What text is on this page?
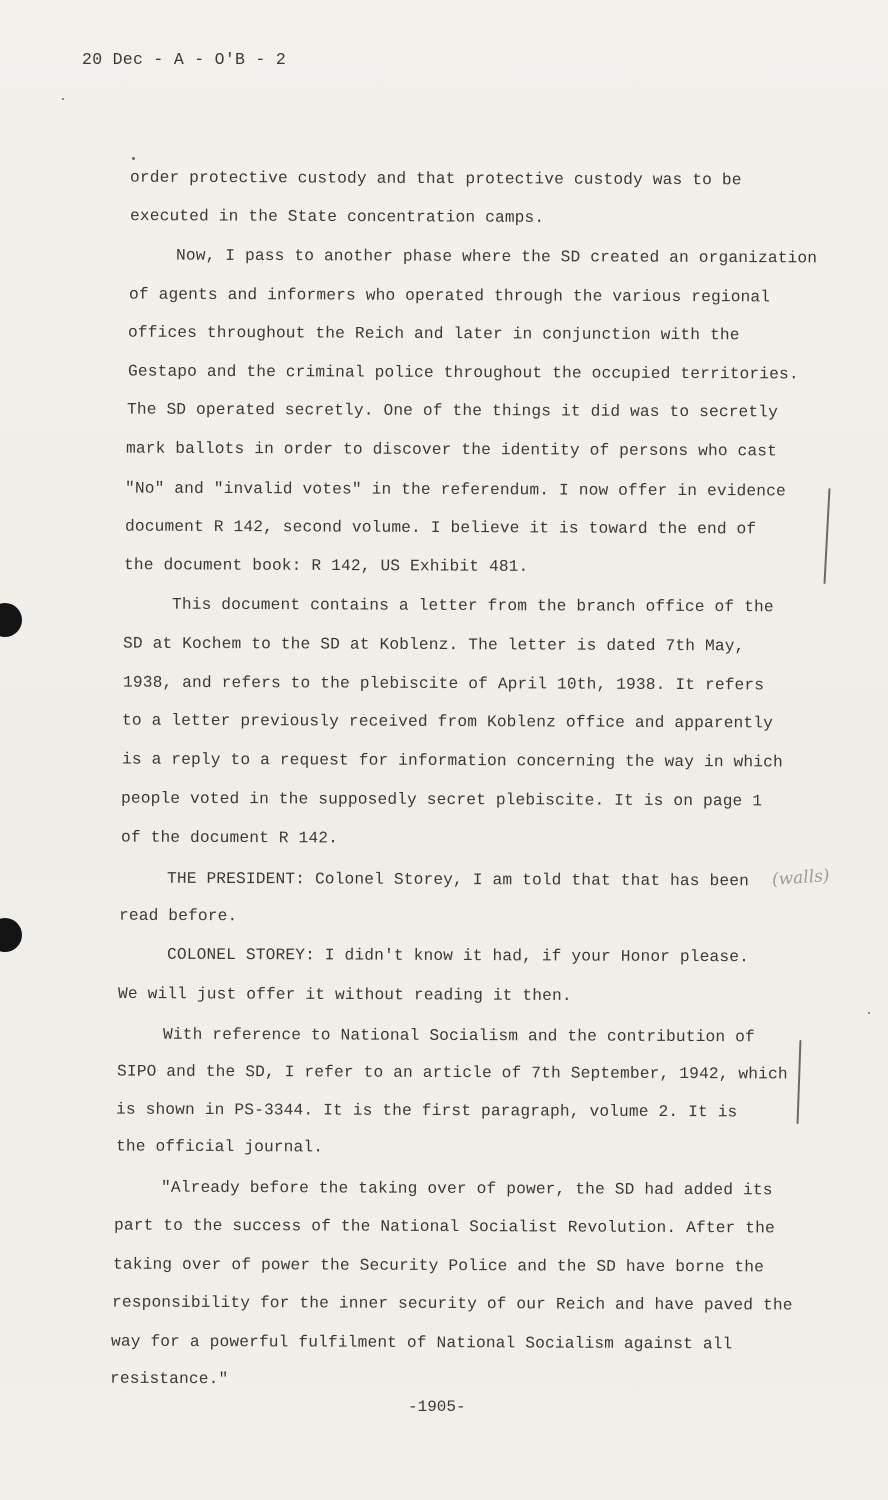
20 Dec - A - O'B - 2
order protective custody and that protective custody was to be
executed in the State concentration camps.
Now, I pass to another phase where the SD created an organization
of agents and informers who operated through the various regional
offices throughout the Reich and later in conjunction with the
Gestapo and the criminal police throughout the occupied territories.
The SD operated secretly. One of the things it did was to secretly
mark ballots in order to discover the identity of persons who cast
"No" and "invalid votes" in the referendum. I now offer in evidence
document R 142, second volume. I believe it is toward the end of
the document book: R 142, US Exhibit 481.
This document contains a letter from the branch office of the
SD at Kochem to the SD at Koblenz. The letter is dated 7th May,
1938, and refers to the plebiscite of April 10th, 1938. It refers
to a letter previously received from Koblenz office and apparently
is a reply to a request for information concerning the way in which
people voted in the supposedly secret plebiscite. It is on page 1
of the document R 142.
THE PRESIDENT: Colonel Storey, I am told that that has been
read before.
COLONEL STOREY: I didn't know it had, if your Honor please.
We will just offer it without reading it then.
With reference to National Socialism and the contribution of
SIPO and the SD, I refer to an article of 7th September, 1942, which
is shown in PS-3344. It is the first paragraph, volume 2. It is
the official journal.
"Already before the taking over of power, the SD had added its
part to the success of the National Socialist Revolution. After the
taking over of power the Security Police and the SD have borne the
responsibility for the inner security of our Reich and have paved the
way for a powerful fulfilment of National Socialism against all
resistance."
-1905-
(walls)
